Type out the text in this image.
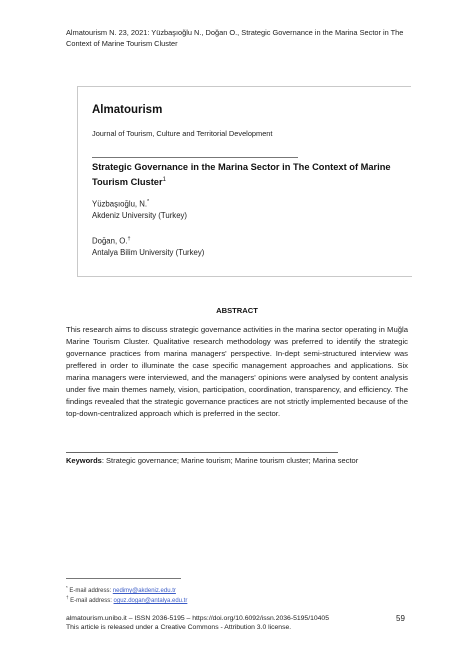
Almatourism N. 23, 2021: Yüzbaşıoğlu N., Doğan O., Strategic Governance in the Marina Sector in The Context of Marine Tourism Cluster
Almatourism
Journal of Tourism, Culture and Territorial Development
Strategic Governance in the Marina Sector in The Context of Marine Tourism Cluster$^1$
Yüzbaşıoğlu, N.*
Akdeniz University (Turkey)
Doğan, O.†
Antalya Bilim University (Turkey)
ABSTRACT
This research aims to discuss strategic governance activities in the marina sector operating in Muğla Marine Tourism Cluster. Qualitative research methodology was preferred to identify the strategic governance practices from marina managers' perspective. In-dept semi-structured interview was preffered in order to illuminate the case specific management approaches and applications. Six marina managers were interviewed, and the managers' opinions were analysed by content analysis under five main themes namely, vision, participation, coordination, transparency, and efficiency. The findings revealed that the strategic governance practices are not strictly implemented because of the top-down-centralized approach which is preferred in the sector.
Keywords: Strategic governance; Marine tourism; Marine tourism cluster; Marina sector
* E-mail address: nedimy@akdeniz.edu.tr
† E-mail address: oguz.dogan@antalya.edu.tr
almatourism.unibo.it – ISSN 2036-5195 – https://doi.org/10.6092/issn.2036-5195/10405
This article is released under a Creative Commons - Attribution 3.0 license.
59
